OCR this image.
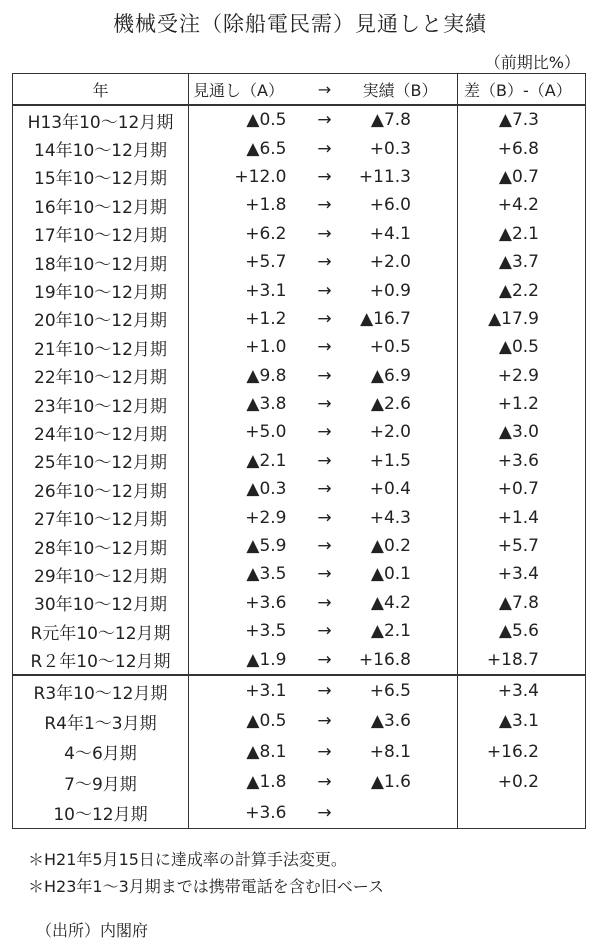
機械受注（除船電民需）見通しと実績
（前期比%）
年	見通し（A）	→	実績（B）	差（B）-（A）
H13年10～12月期	▲0.5	→	▲7.8	▲7.3
14年10～12月期	▲6.5	→	+0.3	+6.8
15年10～12月期	+12.0	→	+11.3	▲0.7
16年10～12月期	+1.8	→	+6.0	+4.2
17年10～12月期	+6.2	→	+4.1	▲2.1
18年10～12月期	+5.7	→	+2.0	▲3.7
19年10～12月期	+3.1	→	+0.9	▲2.2
20年10～12月期	+1.2	→	▲16.7	▲17.9
21年10～12月期	+1.0	→	+0.5	▲0.5
22年10～12月期	▲9.8	→	▲6.9	+2.9
23年10～12月期	▲3.8	→	▲2.6	+1.2
24年10～12月期	+5.0	→	+2.0	▲3.0
25年10～12月期	▲2.1	→	+1.5	+3.6
26年10～12月期	▲0.3	→	+0.4	+0.7
27年10～12月期	+2.9	→	+4.3	+1.4
28年10～12月期	▲5.9	→	▲0.2	+5.7
29年10～12月期	▲3.5	→	▲0.1	+3.4
30年10～12月期	+3.6	→	▲4.2	▲7.8
R元年10～12月期	+3.5	→	▲2.1	▲5.6
R２年10～12月期	▲1.9	→	+16.8	+18.7
R3年10～12月期	+3.1	→	+6.5	+3.4
R4年1～3月期	▲0.5	→	▲3.6	▲3.1
4～6月期	▲8.1	→	+8.1	+16.2
7～9月期	▲1.8	→	▲1.6	+0.2
10～12月期	+3.6	→		
＊H21年5月15日に達成率の計算手法変更。
＊H23年1～3月期までは携帯電話を含む旧ベース
（出所）内閣府
